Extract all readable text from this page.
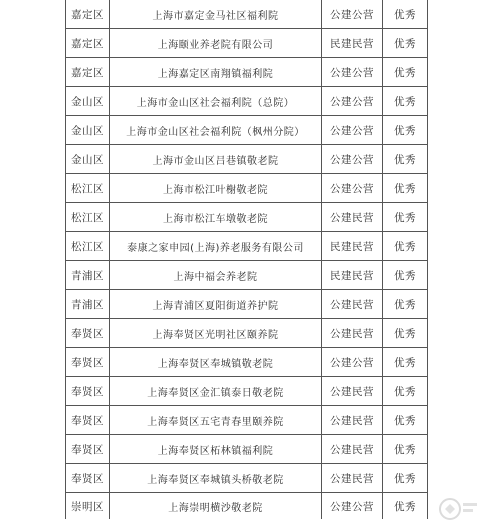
嘉定区	上海市嘉定金马社区福利院	公建公营	优秀
嘉定区	上海颐业养老院有限公司	民建民营	优秀
嘉定区	上海嘉定区南翔镇福利院	公建公营	优秀
金山区	上海市金山区社会福利院（总院）	公建公营	优秀
金山区	上海市金山区社会福利院（枫州分院）	公建公营	优秀
金山区	上海市金山区吕巷镇敬老院	公建公营	优秀
松江区	上海市松江叶榭敬老院	公建公营	优秀
松江区	上海市松江车墩敬老院	公建民营	优秀
松江区	泰康之家申园(上海)养老服务有限公司	民建民营	优秀
青浦区	上海中福会养老院	民建民营	优秀
青浦区	上海青浦区夏阳街道养护院	公建民营	优秀
奉贤区	上海奉贤区光明社区颐养院	公建民营	优秀
奉贤区	上海奉贤区奉城镇敬老院	公建公营	优秀
奉贤区	上海奉贤区金汇镇泰日敬老院	公建民营	优秀
奉贤区	上海奉贤区五宅青春里颐养院	公建民营	优秀
奉贤区	上海奉贤区柘林镇福利院	公建民营	优秀
奉贤区	上海奉贤区奉城镇头桥敬老院	公建民营	优秀
崇明区	上海崇明横沙敬老院	公建公营	优秀
